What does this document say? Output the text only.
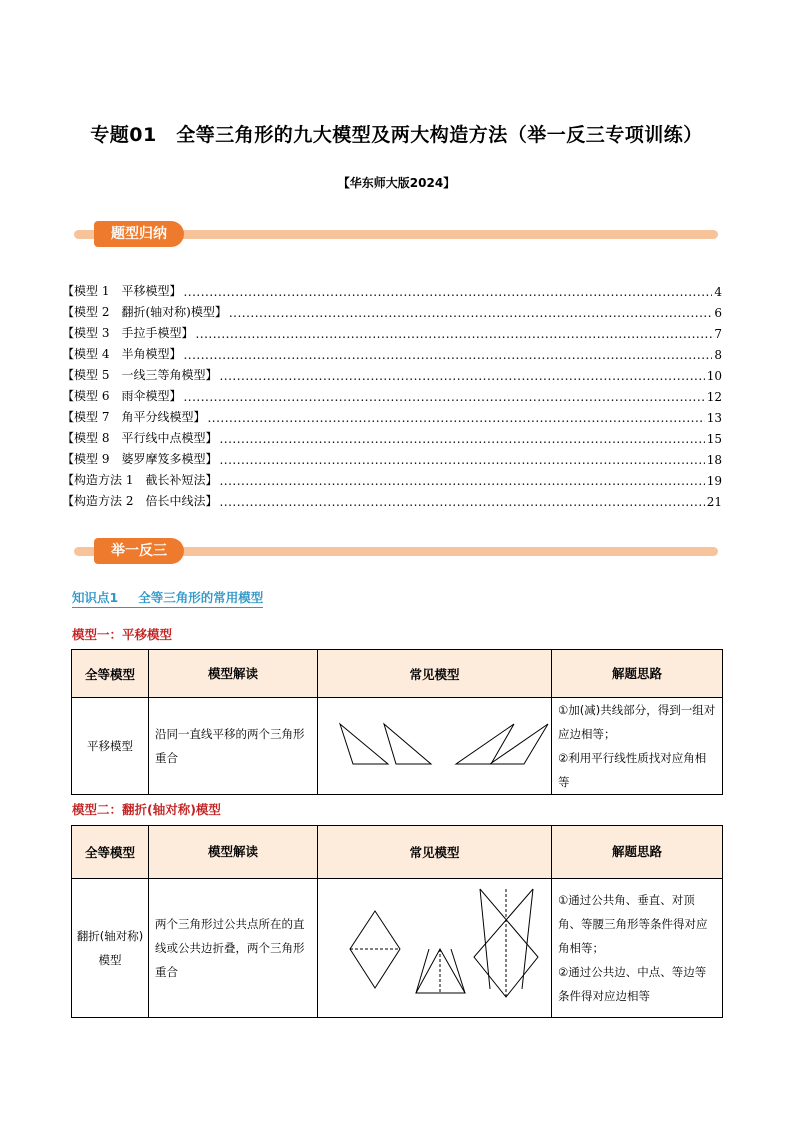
专题01　全等三角形的九大模型及两大构造方法（举一反三专项训练）
【华东师大版2024】
题型归纳
【模型 1　平移模型】 .....	4
【模型 2　翻折(轴对称)模型】 .....	6
【模型 3　手拉手模型】 .....	7
【模型 4　半角模型】 .....	8
【模型 5　一线三等角模型】 .....	10
【模型 6　雨伞模型】 .....	12
【模型 7　角平分线模型】 .....	13
【模型 8　平行线中点模型】 .....	15
【模型 9　婆罗摩笈多模型】 .....	18
【构造方法 1　截长补短法】 .....	19
【构造方法 2　倍长中线法】 .....	21
举一反三
知识点1 全等三角形的常用模型
模型一：平移模型
全等模型	模型解读	常见模型	解题思路
平移模型	沿同一直线平移的两个三角形重合		①加(减)共线部分，得到一组对应边相等；
②利用平行线性质找对应角相等
模型二：翻折(轴对称)模型
全等模型	模型解读	常见模型	解题思路
翻折(轴对称)模型	两个三角形过公共点所在的直线或公共边折叠，两个三角形重合		①通过公共角、垂直、对顶角、等腰三角形等条件得对应角相等；
②通过公共边、中点、等边等条件得对应边相等
